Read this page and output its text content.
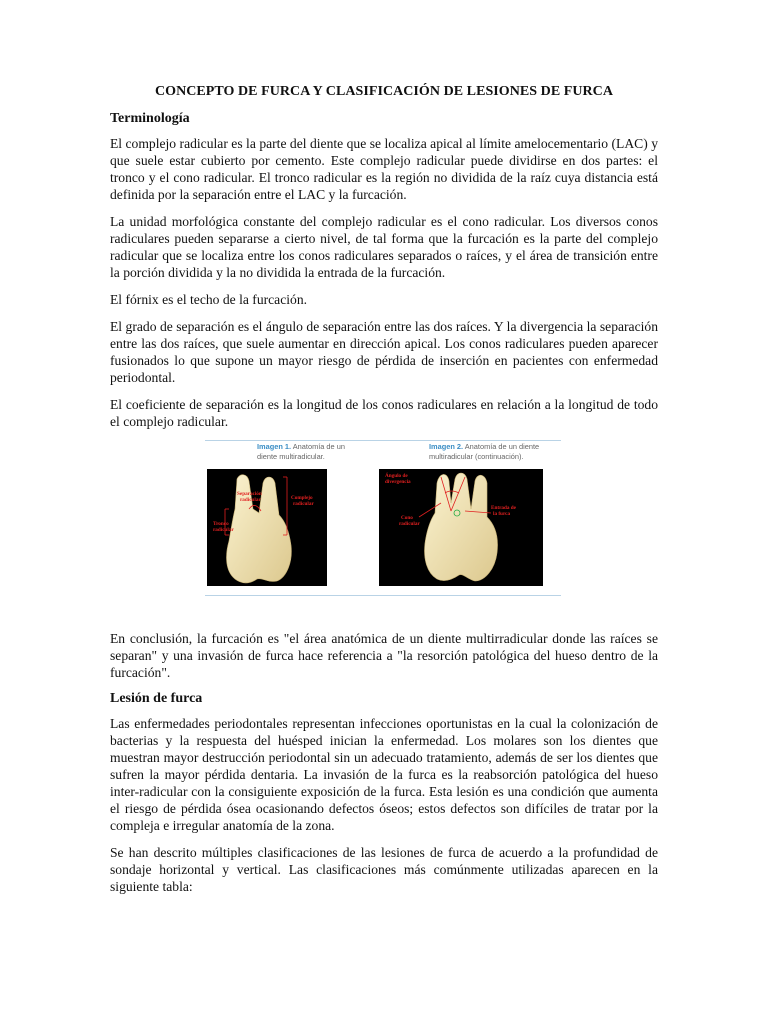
CONCEPTO DE FURCA Y CLASIFICACIÓN DE LESIONES DE FURCA
Terminología

El complejo radicular es la parte del diente que se localiza apical al límite amelocementario (LAC) y que suele estar cubierto por cemento. Este complejo radicular puede dividirse en dos partes: el tronco y el cono radicular. El tronco radicular es la región no dividida de la raíz cuya distancia está definida por la separación entre el LAC y la furcación.

La unidad morfológica constante del complejo radicular es el cono radicular. Los diversos conos radiculares pueden separarse a cierto nivel, de tal forma que la furcación es la parte del complejo radicular que se localiza entre los conos radiculares separados o raíces, y el área de transición entre la porción dividida y la no dividida la entrada de la furcación.

El fórnix es el techo de la furcación.

El grado de separación es el ángulo de separación entre las dos raíces. Y la divergencia la separación entre las dos raíces, que suele aumentar en dirección apical. Los conos radiculares pueden aparecer fusionados lo que supone un mayor riesgo de pérdida de inserción en pacientes con enfermedad periodontal.

El coeficiente de separación es la longitud de los conos radiculares en relación a la longitud de todo el complejo radicular.

Imagen 1. Anatomía de un diente multiradicular.
Imagen 2. Anatomía de un diente multiradicular (continuación).
Separación
radicular	Complejo
radicular
Tronco
radicular
Ángulo de
divergencia
Cono
radicular
Entrada de
la furca

En conclusión, la furcación es "el área anatómica de un diente multirradicular donde las raíces se separan" y una invasión de furca hace referencia a "la resorción patológica del hueso dentro de la furcación".

Lesión de furca

Las enfermedades periodontales representan infecciones oportunistas en la cual la colonización de bacterias y la respuesta del huésped inician la enfermedad. Los molares son los dientes que muestran mayor destrucción periodontal sin un adecuado tratamiento, además de ser los dientes que sufren la mayor pérdida dentaria. La invasión de la furca es la reabsorción patológica del hueso inter-radicular con la consiguiente exposición de la furca. Esta lesión es una condición que aumenta el riesgo de pérdida ósea ocasionando defectos óseos; estos defectos son difíciles de tratar por la compleja e irregular anatomía de la zona.

Se han descrito múltiples clasificaciones de las lesiones de furca de acuerdo a la profundidad de sondaje horizontal y vertical. Las clasificaciones más comúnmente utilizadas aparecen en la siguiente tabla:
